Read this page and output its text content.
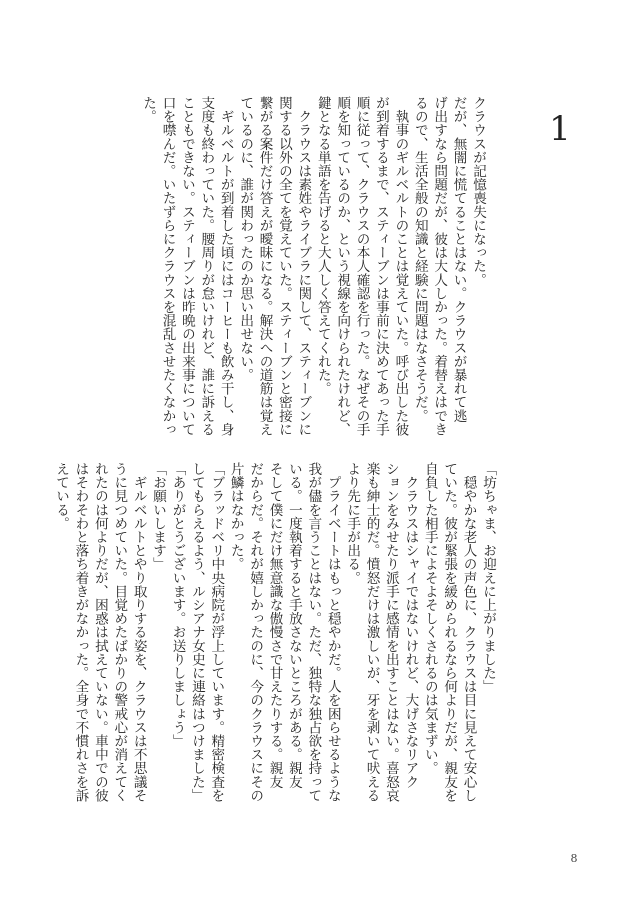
1
クラウスが記憶喪失になった。
だが、無闇に慌てることはない。クラウスが暴れて逃
げ出すなら問題だが、彼は大人しかった。着替えはでき
るので、生活全般の知識と経験に問題はなさそうだ。
　執事のギルベルトのことは覚えていた。呼び出した彼
が到着するまで、スティーブンは事前に決めてあった手
順に従って、クラウスの本人確認を行った。なぜその手
順を知っているのか、という視線を向けられたけれど、
鍵となる単語を告げると大人しく答えてくれた。
　クラウスは素姓やライブラに関して、スティーブンに
関する以外の全てを覚えていた。スティーブンと密接に
繋がる案件だけ答えが曖昧になる。解決への道筋は覚え
ているのに、誰が関わったのか思い出せない。
　ギルベルトが到着した頃にはコーヒーも飲み干し、身
支度も終わっていた。腰周りが怠いけれど、誰に訴える
こともできない。スティーブンは昨晩の出来事について
口を噤んだ。いたずらにクラウスを混乱させたくなかっ
た。
「坊ちゃま、お迎えに上がりました」
　穏やかな老人の声色に、クラウスは目に見えて安心し
ていた。彼が緊張を緩められるなら何よりだが、親友を
自負した相手によそよそしくされるのは気まずい。
　クラウスはシャイではないけれど、大げさなリアク
ションをみせたり派手に感情を出すことはない。喜怒哀
楽も紳士的だ。憤怒だけは激しいが、牙を剥いて吠える
より先に手が出る。
　プライベートはもっと穏やかだ。人を困らせるような
我が儘を言うことはない。ただ、独特な独占欲を持って
いる。一度執着すると手放さないところがある。親友
そして僕にだけ無意識な傲慢さで甘えたりする。親友
だからだ。それが嬉しかったのに、今のクラウスにその
片鱗はなかった。
「ブラッドベリ中央病院が浮上しています。精密検査を
してもらえるよう、ルシアナ女史に連絡はつけました」
「ありがとうございます。お送りしましょう」
「お願いします」
　ギルベルトとやり取りする姿を、クラウスは不思議そ
うに見つめていた。目覚めたばかりの警戒心が消えてく
れたのは何よりだが、困惑は拭えていない。車中での彼
はそわそわと落ち着きがなかった。全身で不慣れさを訴
えている。
8
